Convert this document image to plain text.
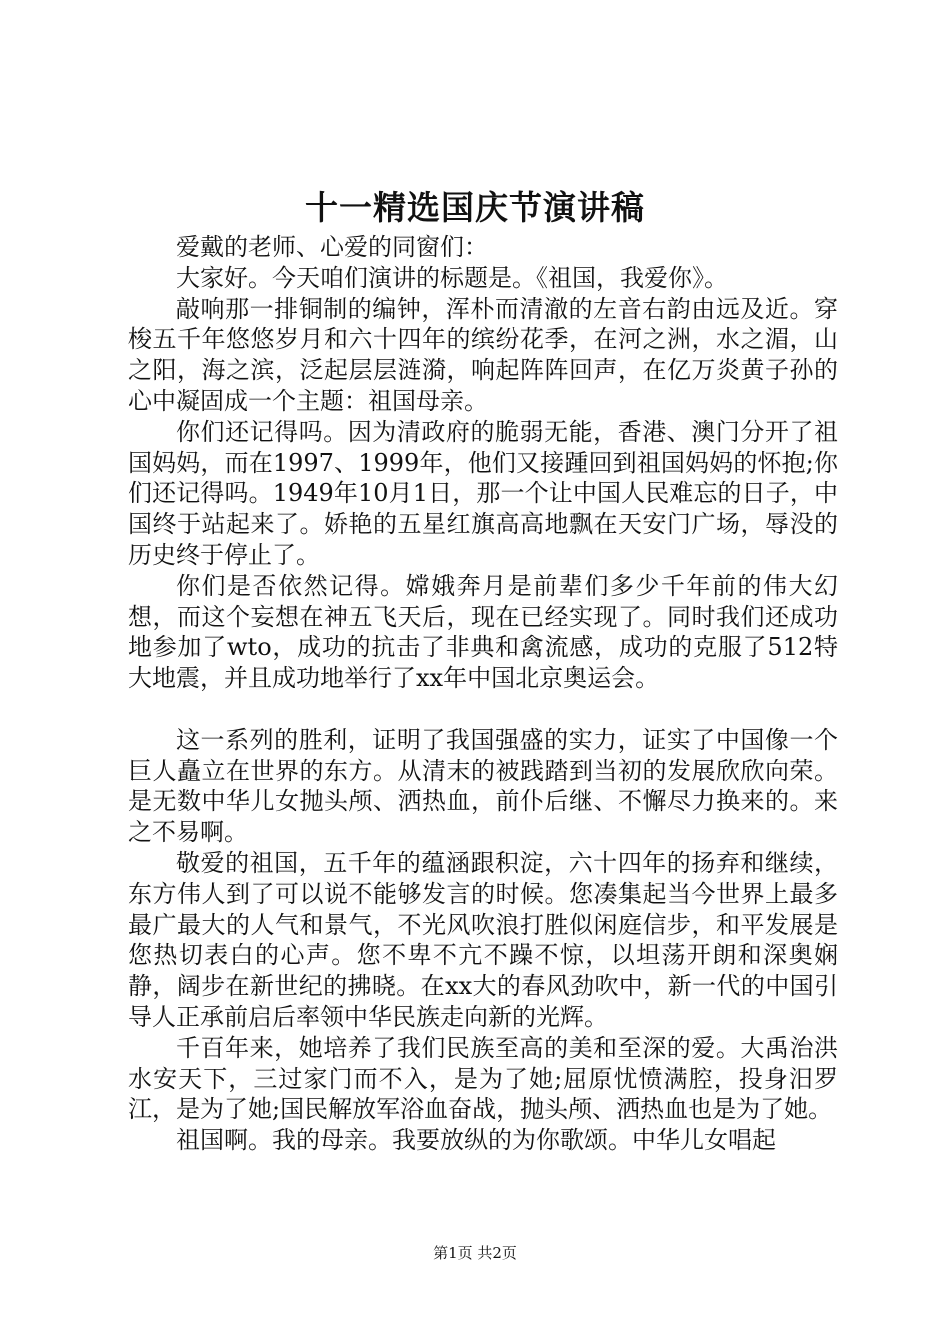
十一精选国庆节演讲稿

爱戴的老师、心爱的同窗们：

大家好。今天咱们演讲的标题是。《祖国，我爱你》。

敲响那一排铜制的编钟，浑朴而清澈的左音右韵由远及近。穿梭五千年悠悠岁月和六十四年的缤纷花季，在河之洲，水之湄，山之阳，海之滨，泛起层层涟漪，响起阵阵回声，在亿万炎黄子孙的心中凝固成一个主题：祖国母亲。

你们还记得吗。因为清政府的脆弱无能，香港、澳门分开了祖国妈妈，而在1997、1999年，他们又接踵回到祖国妈妈的怀抱;你们还记得吗。1949年10月1日，那一个让中国人民难忘的日子，中国终于站起来了。娇艳的五星红旗高高地飘在天安门广场，辱没的历史终于停止了。

你们是否依然记得。嫦娥奔月是前辈们多少千年前的伟大幻想，而这个妄想在神五飞天后，现在已经实现了。同时我们还成功地参加了wto，成功的抗击了非典和禽流感，成功的克服了512特大地震，并且成功地举行了xx年中国北京奥运会。

这一系列的胜利，证明了我国强盛的实力，证实了中国像一个巨人矗立在世界的东方。从清末的被践踏到当初的发展欣欣向荣。是无数中华儿女抛头颅、洒热血，前仆后继、不懈尽力换来的。来之不易啊。

敬爱的祖国，五千年的蕴涵跟积淀，六十四年的扬弃和继续，东方伟人到了可以说不能够发言的时候。您凑集起当今世界上最多最广最大的人气和景气，不光风吹浪打胜似闲庭信步，和平发展是您热切表白的心声。您不卑不亢不躁不惊，以坦荡开朗和深奥娴静，阔步在新世纪的拂晓。在xx大的春风劲吹中，新一代的中国引导人正承前启后率领中华民族走向新的光辉。

千百年来，她培养了我们民族至高的美和至深的爱。大禹治洪水安天下，三过家门而不入，是为了她;屈原忧愤满腔，投身汨罗江，是为了她;国民解放军浴血奋战，抛头颅、洒热血也是为了她。

祖国啊。我的母亲。我要放纵的为你歌颂。中华儿女唱起

第1页 共2页
